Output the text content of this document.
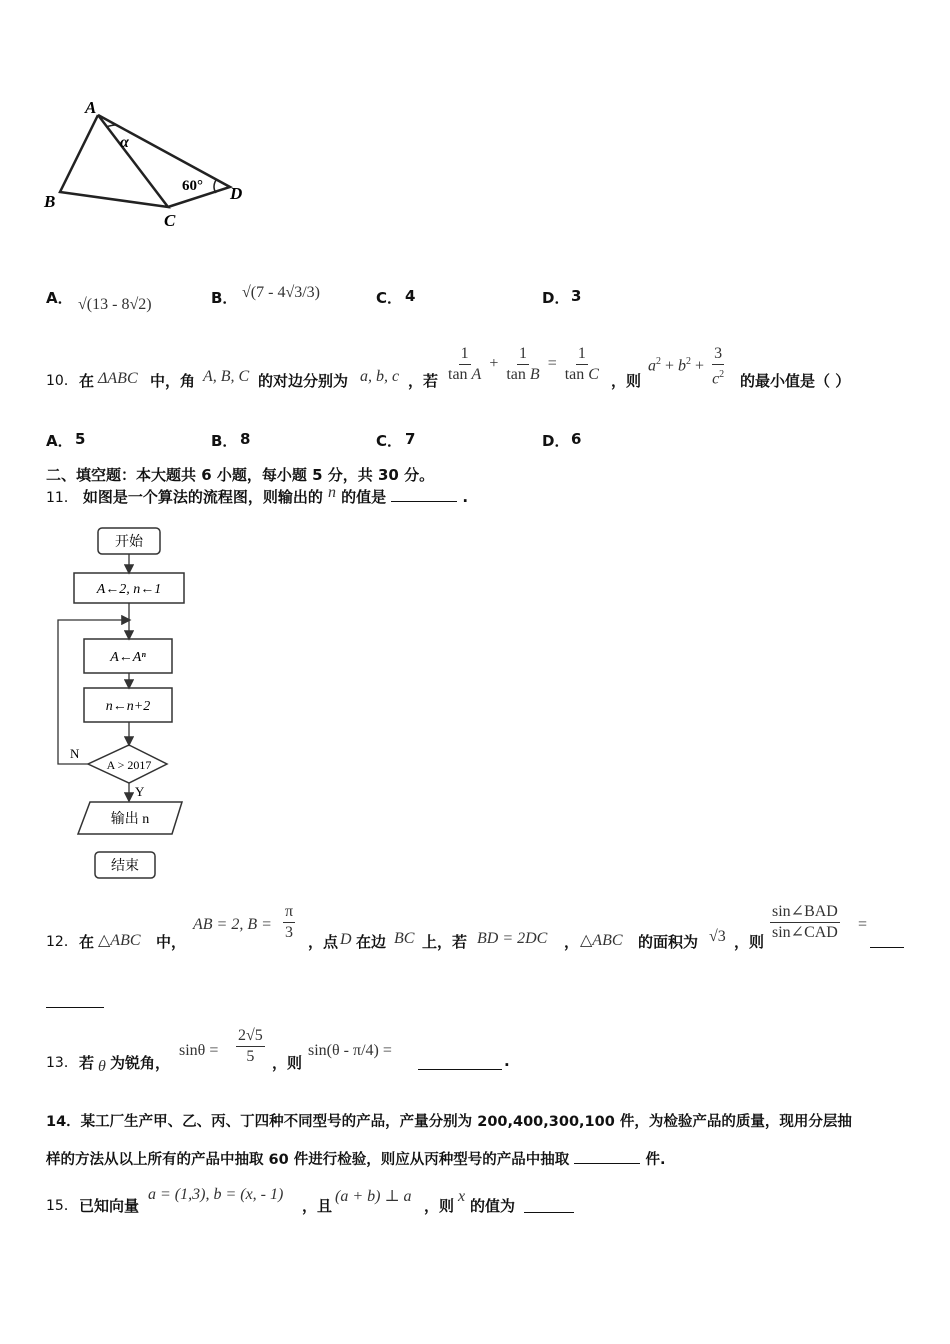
A
B
C
D
α
60°
A． √(13 - 8√2)	B． √(7 - 4√3/3)	C． 4	D． 3
10． 在 ΔABC 中，角 A, B, C 的对边分别为 a, b, c ，若 $\frac{1}{\text{tan A}} + \frac{1}{\text{tan B}} = \frac{1}{\text{tan C}}$ ，则
$a^2 + b^2 + \frac{3}{c^2}$ 的最小值是（ ）
A． 5	B． 8	C． 7	D． 6
二、填空题：本大题共 6 小题，每小题 5 分，共 30 分。
11． 如图是一个算法的流程图，则输出的 n 的值是	.
开始
A←2, n←1
A←Aⁿ
n←n+2
A > 2017
N
Y
输出 n
结束
12． 在 △ABC 中，
AB = 2, $B = \frac{\pi}{3}$ ，点 D 在边 BC 上，若 BD = 2DC ， △ABC 的面积为 √3 ，则 $\frac{\text{sin∠BAD}}{\text{sin∠CAD}}$ =
13． 若 θ 为锐角，
$\sin\theta = \frac{2√5}{5}$ ，则
sin(θ - π/4) =
.
14．某工厂生产甲、乙、丙、丁四种不同型号的产品，产量分别为 200,400,300,100 件，为检验产品的质量，现用分层抽
样的方法从以上所有的产品中抽取 60 件进行检验，则应从丙种型号的产品中抽取	件.
15． 已知向量
a = (1,3), b = (x, - 1)
，且
(a + b) ⊥ a
，则
x
的值为
